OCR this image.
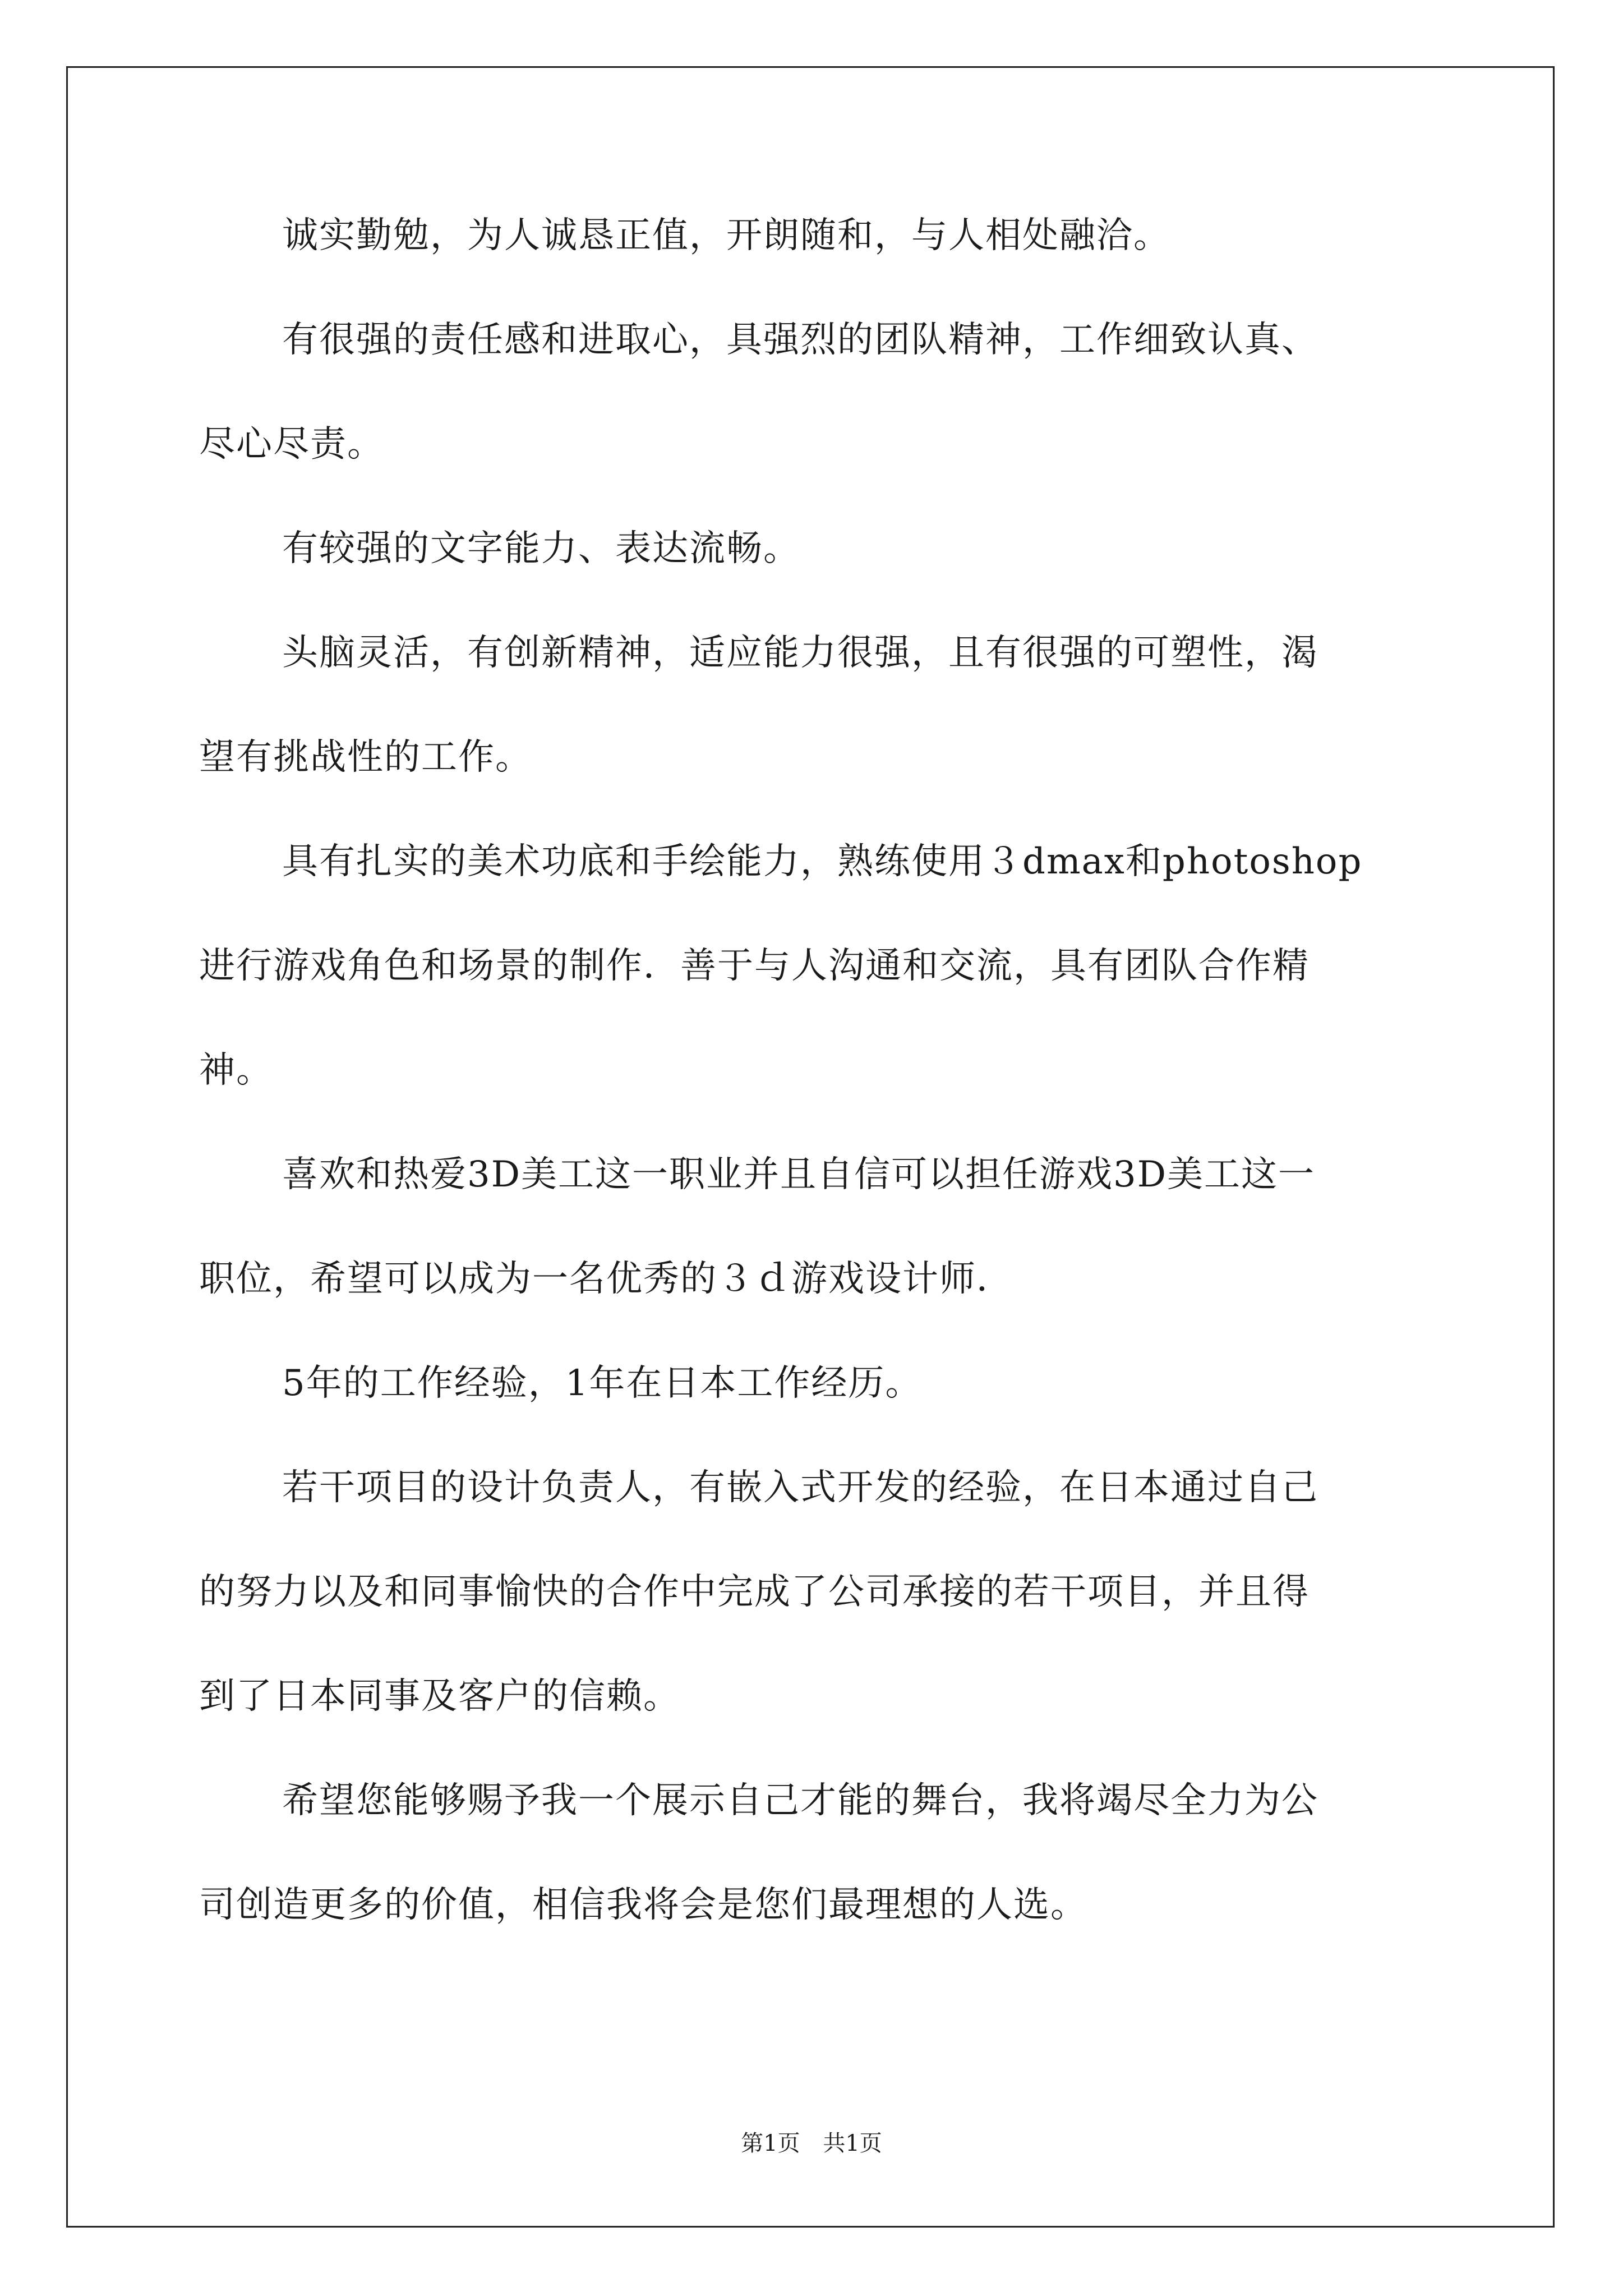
诚实勤勉，为人诚恳正值，开朗随和，与人相处融洽。
有很强的责任感和进取心，具强烈的团队精神，工作细致认真、
尽心尽责。
有较强的文字能力、表达流畅。
头脑灵活，有创新精神，适应能力很强，且有很强的可塑性，渴
望有挑战性的工作。
具有扎实的美术功底和手绘能力，熟练使用３dmax和photoshop
进行游戏角色和场景的制作．善于与人沟通和交流，具有团队合作精
神。
喜欢和热爱3D美工这一职业并且自信可以担任游戏3D美工这一
职位，希望可以成为一名优秀的３ｄ游戏设计师．
5年的工作经验，1年在日本工作经历。
若干项目的设计负责人，有嵌入式开发的经验，在日本通过自己
的努力以及和同事愉快的合作中完成了公司承接的若干项目，并且得
到了日本同事及客户的信赖。
希望您能够赐予我一个展示自己才能的舞台，我将竭尽全力为公
司创造更多的价值，相信我将会是您们最理想的人选。
第1页 共1页
